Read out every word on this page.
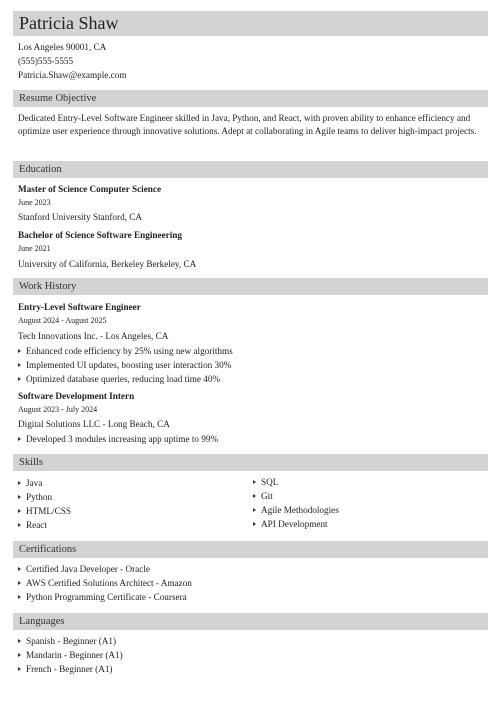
Patricia Shaw
Los Angeles 90001, CA
(555)555-5555
Patricia.Shaw@example.com
Resume Objective
Dedicated Entry-Level Software Engineer skilled in Java, Python, and React, with proven ability to enhance efficiency and optimize user experience through innovative solutions. Adept at collaborating in Agile teams to deliver high-impact projects.
Education
Master of Science Computer Science
June 2023
Stanford University Stanford, CA
Bachelor of Science Software Engineering
June 2021
University of California, Berkeley Berkeley, CA
Work History
Entry-Level Software Engineer
August 2024 - August 2025
Tech Innovations Inc. - Los Angeles, CA
Enhanced code efficiency by 25% using new algorithms
Implemented UI updates, boosting user interaction 30%
Optimized database queries, reducing load time 40%
Software Development Intern
August 2023 - July 2024
Digital Solutions LLC - Long Beach, CA
Developed 3 modules increasing app uptime to 99%
Skills
Java
Python
HTML/CSS
React
SQL
Git
Agile Methodologies
API Development
Certifications
Certified Java Developer - Oracle
AWS Certified Solutions Architect - Amazon
Python Programming Certificate - Coursera
Languages
Spanish - Beginner (A1)
Mandarin - Beginner (A1)
French - Beginner (A1)
